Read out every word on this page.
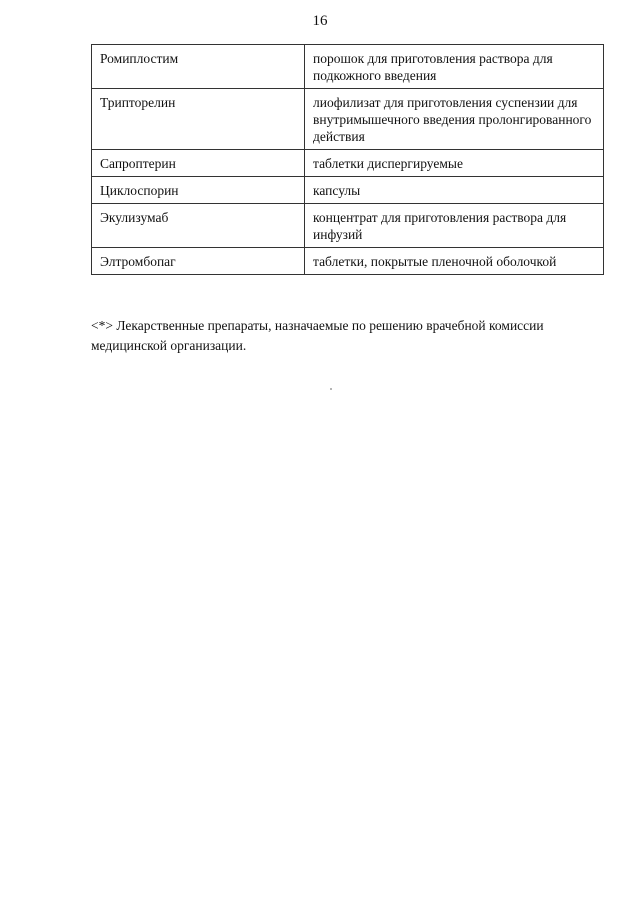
16
Ромиплостим	порошок для приготовления раствора для подкожного введения
Трипторелин	лиофилизат для приготовления суспензии для внутримышечного введения пролонгированного действия
Сапроптерин	таблетки диспергируемые
Циклоспорин	капсулы
Экулизумаб	концентрат для приготовления раствора для инфузий
Элтромбопаг	таблетки, покрытые пленочной оболочкой

<*> Лекарственные препараты, назначаемые по решению врачебной комиссии медицинской организации.
